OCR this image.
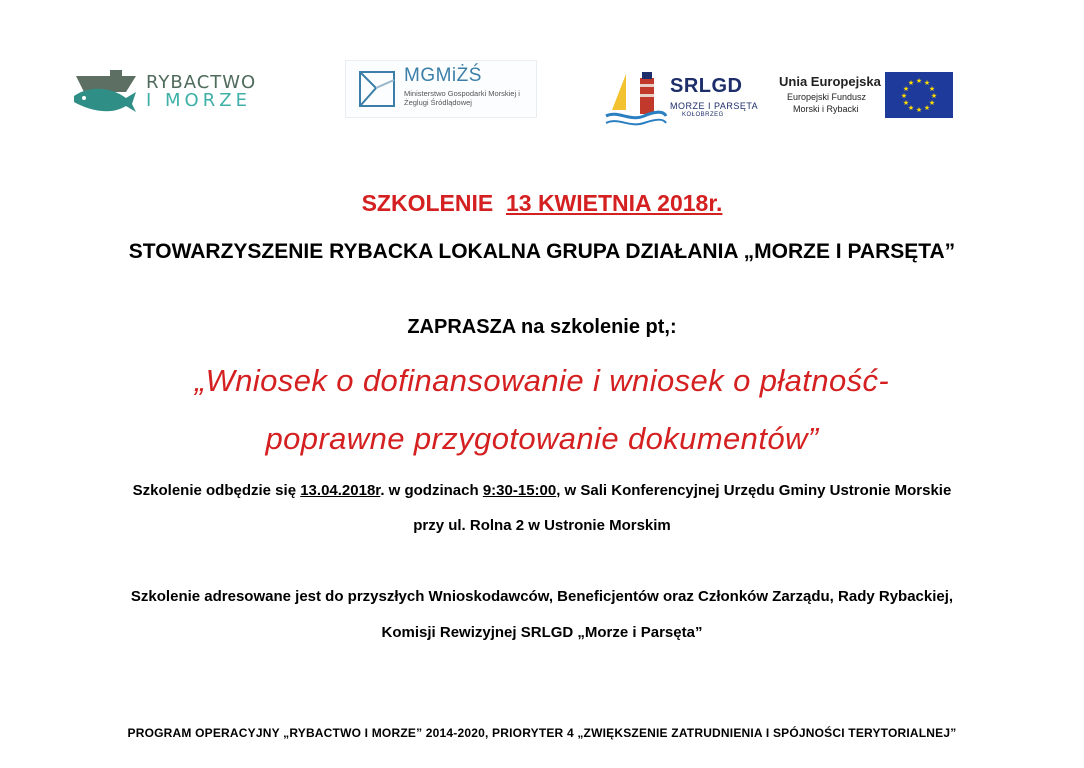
RYBACTWO
I MORZE
MGMiŻŚ
Ministerstwo Gospodarki Morskiej i Żeglugi Śródlądowej
SRLGD
MORZE I PARSĘTA
KOŁOBRZEG
Unia Europejska
Europejski Fundusz
Morski i Rybacki
★ ★
★
★
★
★
★
★
★
★
★
★
SZKOLENIE 13 KWIETNIA 2018r.
STOWARZYSZENIE RYBACKA LOKALNA GRUPA DZIAŁANIA „MORZE I PARSĘTA”
ZAPRASZA na szkolenie pt,:
„Wniosek o dofinansowanie i wniosek o płatność-
poprawne przygotowanie dokumentów”
Szkolenie odbędzie się 13.04.2018r. w godzinach 9:30-15:00, w Sali Konferencyjnej Urzędu Gminy Ustronie Morskie
przy ul. Rolna 2 w Ustronie Morskim
Szkolenie adresowane jest do przyszłych Wnioskodawców, Beneficjentów oraz Członków Zarządu, Rady Rybackiej,
Komisji Rewizyjnej SRLGD „Morze i Parsęta”
PROGRAM OPERACYJNY „RYBACTWO I MORZE” 2014-2020, PRIORYTER 4 „ZWIĘKSZENIE ZATRUDNIENIA I SPÓJNOŚCI TERYTORIALNEJ”
